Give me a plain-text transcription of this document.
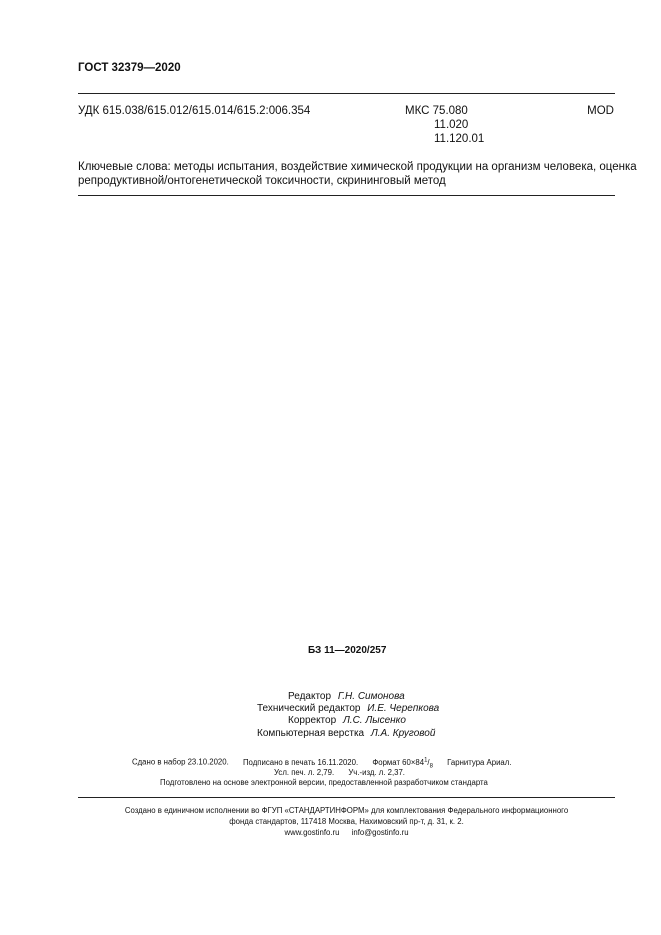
ГОСТ 32379—2020
УДК 615.038/615.012/615.014/615.2:006.354	МКС 75.080
11.020
11.120.01
MOD
Ключевые слова: методы испытания, воздействие химической продукции на организм человека, оценка
репродуктивной/онтогенетической токсичности, скрининговый метод
БЗ 11—2020/257
Редактор Г.Н. Симонова
Технический редактор И.Е. Черепкова
Корректор Л.С. Лысенко
Компьютерная верстка Л.А. Круговой
Сдано в набор 23.10.2020. Подписано в печать 16.11.2020. Формат $60\times 84^1/_8$ Гарнитура Ариал.
Усл. печ. л. 2,79. Уч.-изд. л. 2,37.
Подготовлено на основе электронной версии, предоставленной разработчиком стандарта
Создано в единичном исполнении во ФГУП «СТАНДАРТИНФОРМ» для комплектования Федерального информационного
фонда стандартов, 117418 Москва, Нахимовский пр-т, д. 31, к. 2.
www.gostinfo.ru info@gostinfo.ru
